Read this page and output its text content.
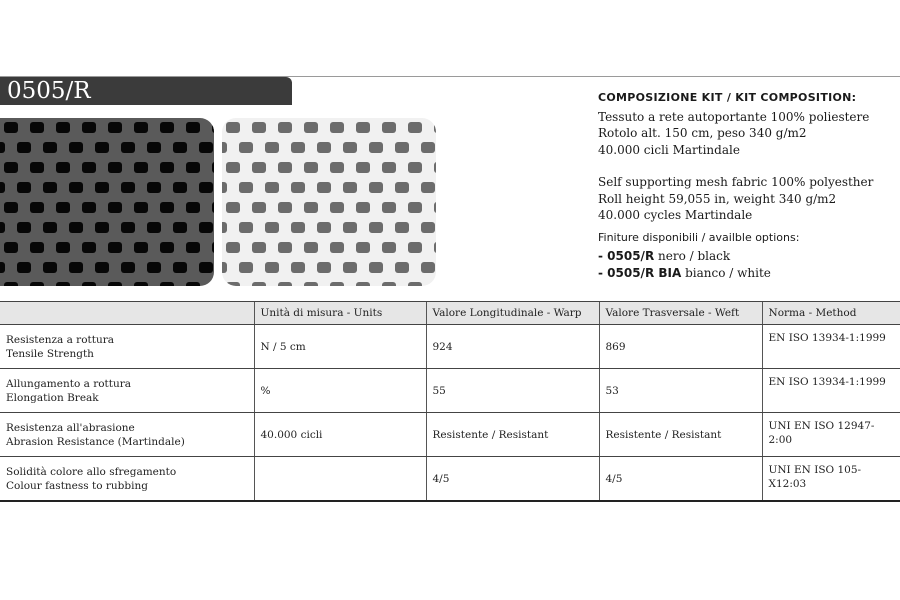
0505/R	COMPOSIZIONE KIT / KIT COMPOSITION:
Tessuto a rete autoportante 100% poliestere
Rotolo alt. 150 cm, peso 340 g/m2
40.000 cicli Martindale
Self supporting mesh fabric 100% polyesther
Roll height 59,055 in, weight 340 g/m2
40.000 cycles Martindale
Finiture disponibili / availble options:
- 0505/R nero / black
- 0505/R BIA bianco / white
	Unità di misura - Units	Valore Longitudinale - Warp	Valore Trasversale - Weft	Norma - Method

Resistenza a rottura
Tensile Strength	N / 5 cm	924	869	EN ISO 13934-1:1999

Allungamento a rottura
Elongation Break	%	55	53	EN ISO 13934-1:1999

Resistenza all'abrasione
Abrasion Resistance (Martindale)	40.000 cicli	Resistente / Resistant	Resistente / Resistant	UNI EN ISO 12947-2:00

Solidità colore allo sfregamento
Colour fastness to rubbing		4/5	4/5	UNI EN ISO 105-X12:03
